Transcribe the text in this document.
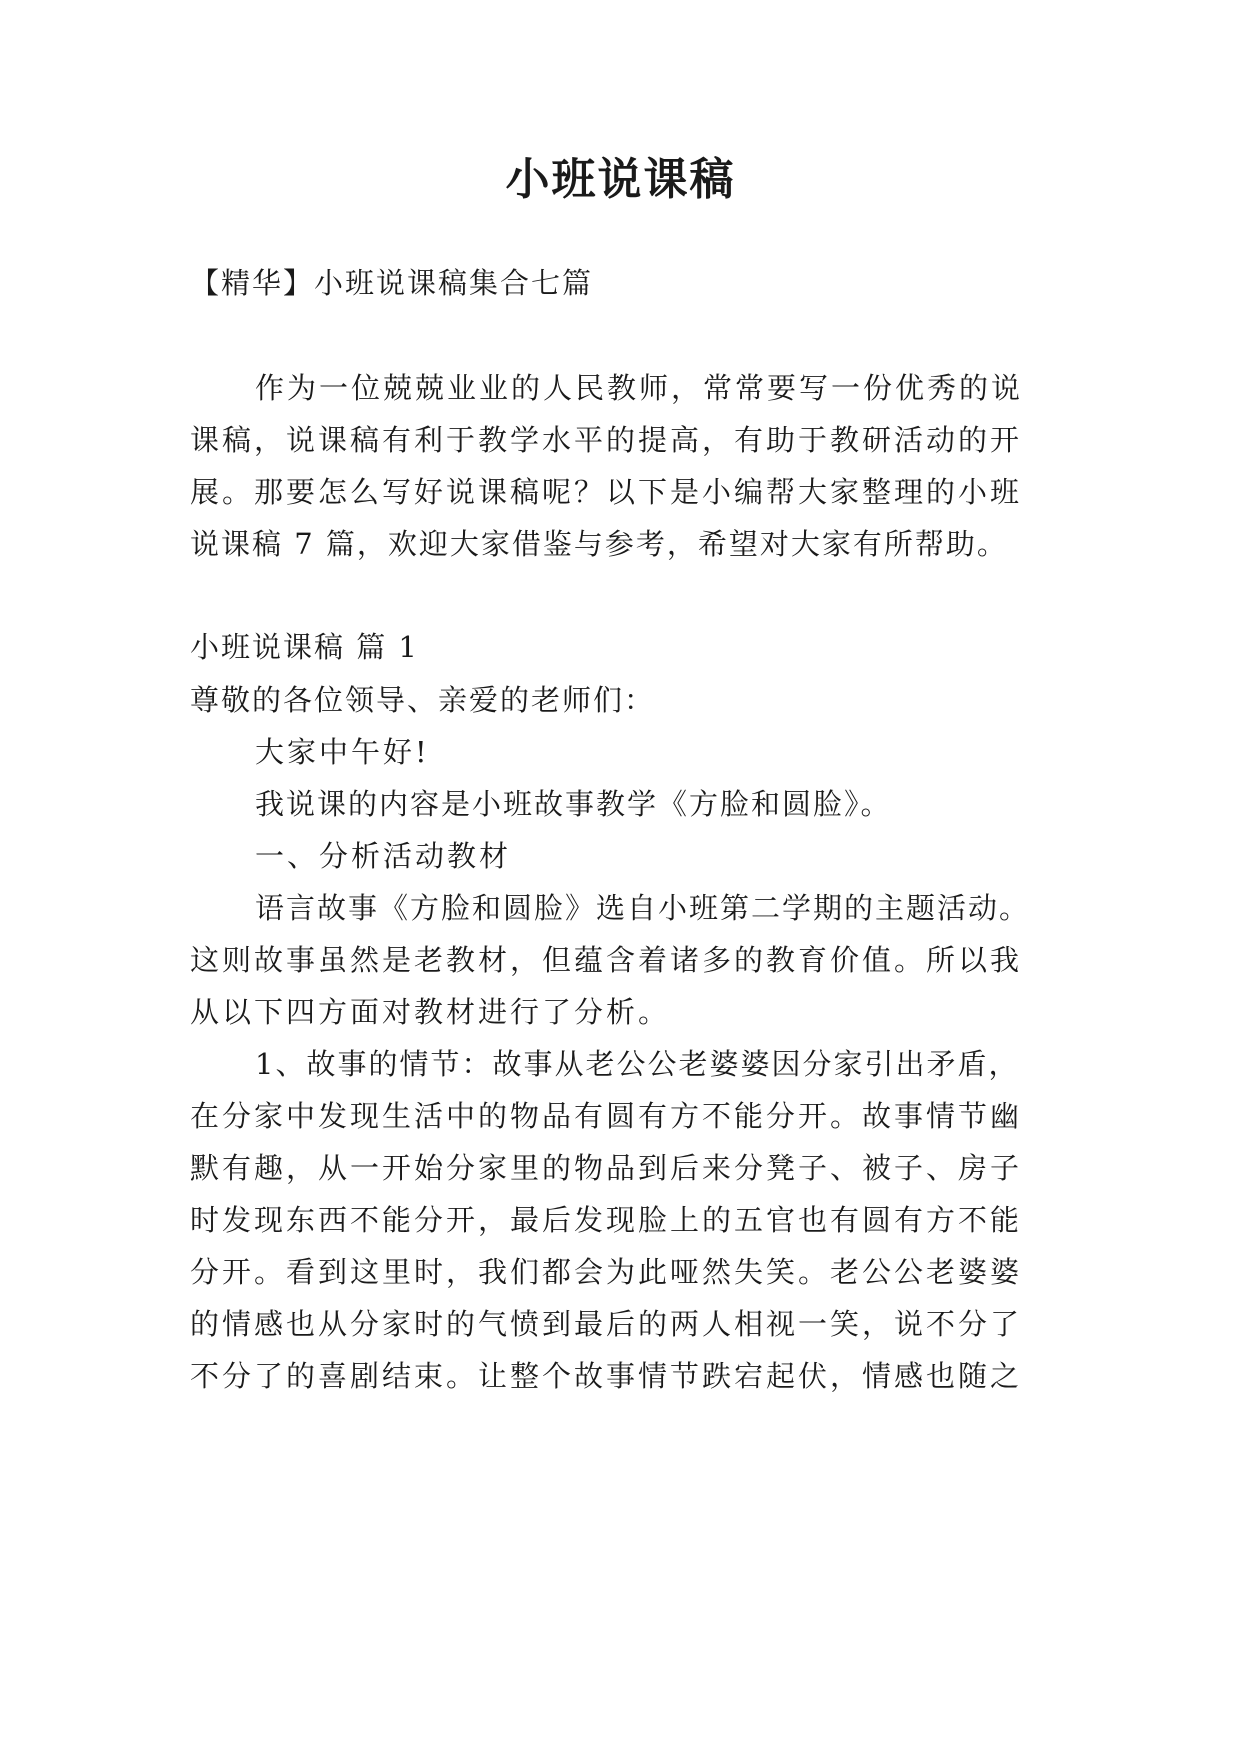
小班说课稿
【精华】小班说课稿集合七篇
作为一位兢兢业业的人民教师，常常要写一份优秀的说
课稿，说课稿有利于教学水平的提高，有助于教研活动的开
展。那要怎么写好说课稿呢？以下是小编帮大家整理的小班
说课稿 7 篇，欢迎大家借鉴与参考，希望对大家有所帮助。
小班说课稿 篇 1
尊敬的各位领导、亲爱的老师们：
大家中午好!
我说课的内容是小班故事教学《方脸和圆脸》。
一、分析活动教材
语言故事《方脸和圆脸》选自小班第二学期的主题活动。
这则故事虽然是老教材，但蕴含着诸多的教育价值。所以我
从以下四方面对教材进行了分析。
1、故事的情节：故事从老公公老婆婆因分家引出矛盾，
在分家中发现生活中的物品有圆有方不能分开。故事情节幽
默有趣，从一开始分家里的物品到后来分凳子、被子、房子
时发现东西不能分开，最后发现脸上的五官也有圆有方不能
分开。看到这里时，我们都会为此哑然失笑。老公公老婆婆
的情感也从分家时的气愤到最后的两人相视一笑，说不分了
不分了的喜剧结束。让整个故事情节跌宕起伏，情感也随之
